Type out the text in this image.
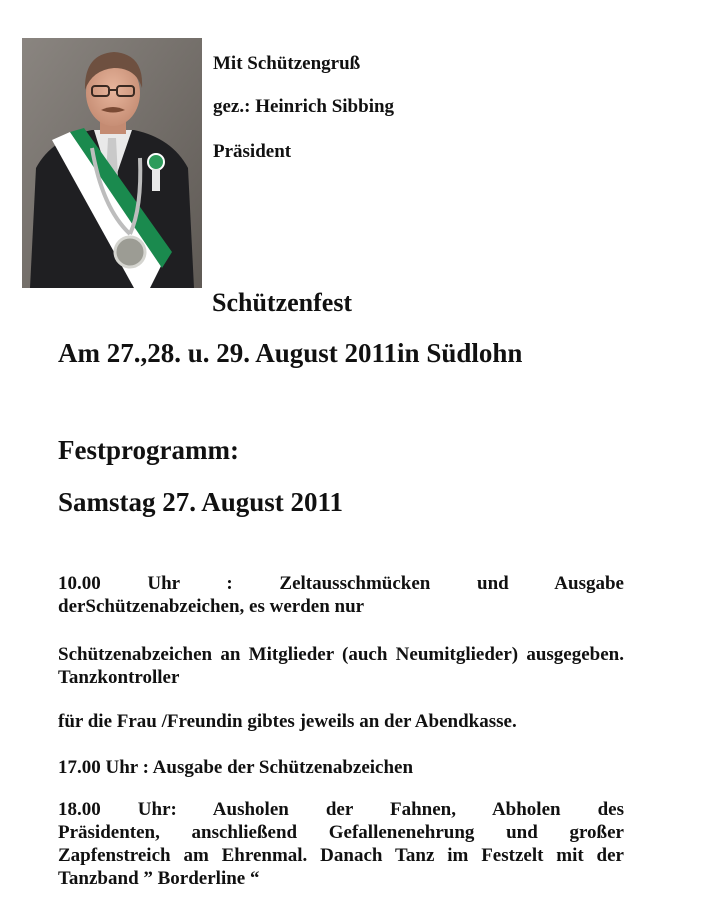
Mit Schützengruß
gez.: Heinrich Sibbing
Präsident
Schützenfest
Am 27.,28. u. 29. August 2011in Südlohn
Festprogramm:
Samstag 27. August 2011
10.00 Uhr : Zeltausschmücken und Ausgabe
derSchützenabzeichen, es werden nur
Schützenabzeichen an Mitglieder (auch Neumitglieder) ausgegeben. Tanzkontroller
für die Frau /Freundin gibtes jeweils an der Abendkasse.
17.00 Uhr : Ausgabe der Schützenabzeichen
18.00 Uhr: Ausholen der Fahnen, Abholen des
Präsidenten, anschließend Gefallenenehrung und großer Zapfenstreich am Ehrenmal. Danach Tanz im Festzelt mit der Tanzband ” Borderline “
